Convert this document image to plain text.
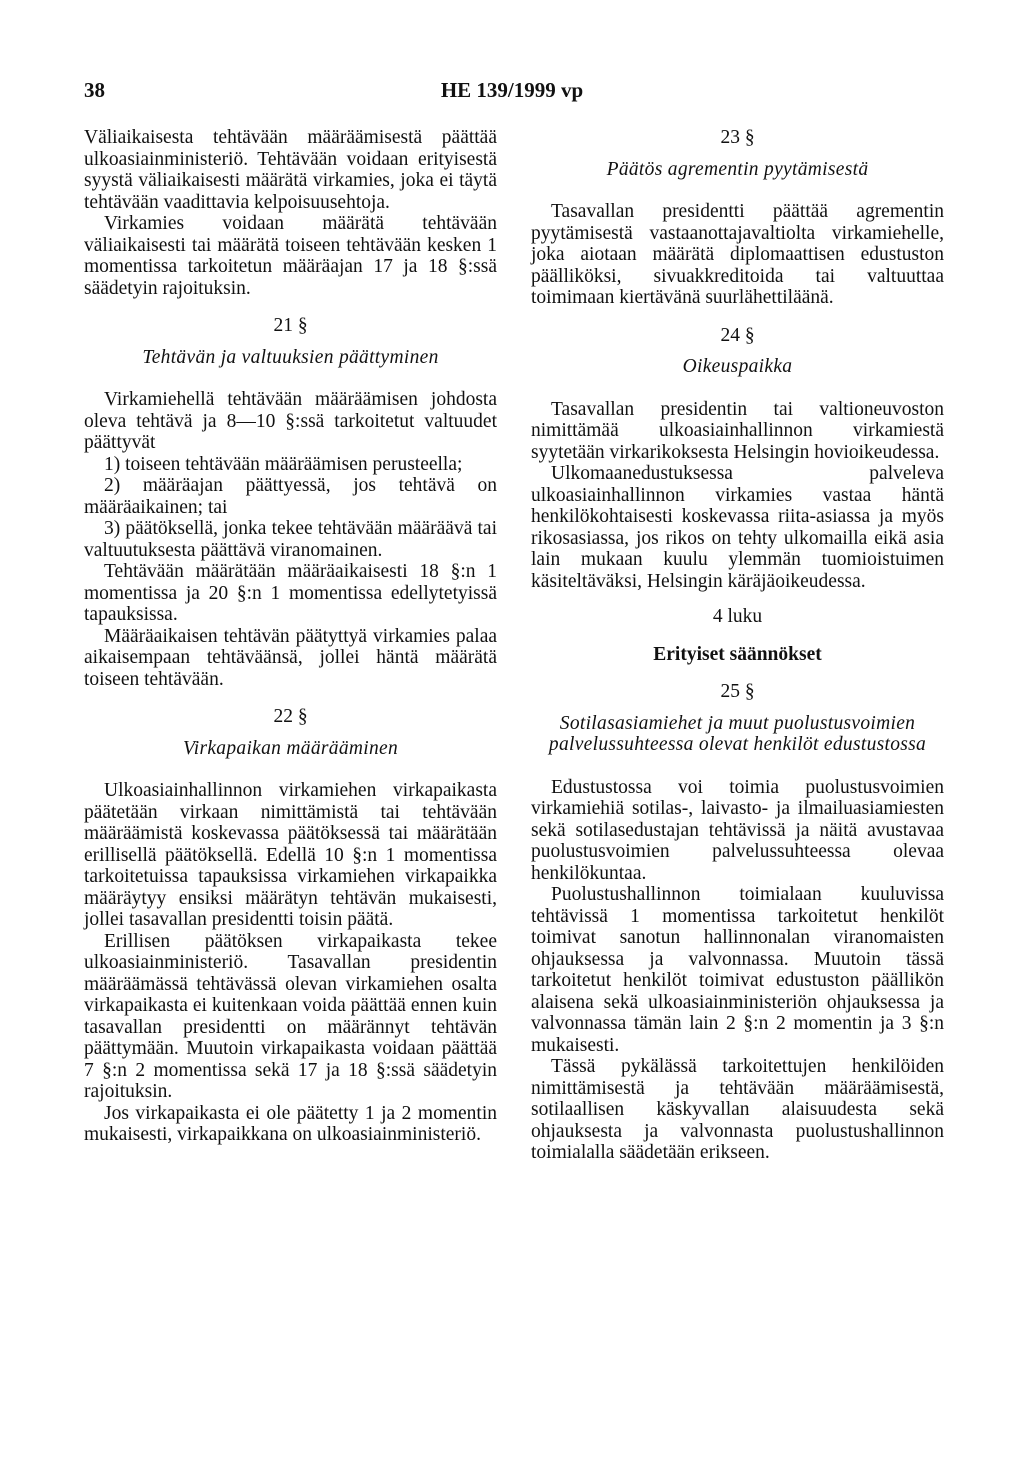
38	HE 139/1999 vp

Väliaikaisesta tehtävään määräämisestä päättää ulkoasiainministeriö. Tehtävään voidaan erityisestä syystä väliaikaisesti määrätä virkamies, joka ei täytä tehtävään vaadittavia kelpoisuusehtoja.

Virkamies voidaan määrätä tehtävään väliaikaisesti tai määrätä toiseen tehtävään kesken 1 momentissa tarkoitetun määräajan 17 ja 18 §:ssä säädetyin rajoituksin.

21 §
Tehtävän ja valtuuksien päättyminen

Virkamiehellä tehtävään määräämisen johdosta oleva tehtävä ja 8—10 §:ssä tarkoitetut valtuudet päättyvät

1) toiseen tehtävään määräämisen perusteella;

2) määräajan päättyessä, jos tehtävä on määräaikainen; tai

3) päätöksellä, jonka tekee tehtävään määräävä tai valtuutuksesta päättävä viranomainen.

Tehtävään määrätään määräaikaisesti 18 §:n 1 momentissa ja 20 §:n 1 momentissa edellytetyissä tapauksissa.

Määräaikaisen tehtävän päätyttyä virkamies palaa aikaisempaan tehtäväänsä, jollei häntä määrätä toiseen tehtävään.

22 §
Virkapaikan määrääminen

Ulkoasiainhallinnon virkamiehen virkapaikasta päätetään virkaan nimittämistä tai tehtävään määräämistä koskevassa päätöksessä tai määrätään erillisellä päätöksellä. Edellä 10 §:n 1 momentissa tarkoitetuissa tapauksissa virkamiehen virkapaikka määräytyy ensiksi määrätyn tehtävän mukaisesti, jollei tasavallan presidentti toisin päätä.

Erillisen päätöksen virkapaikasta tekee ulkoasiainministeriö. Tasavallan presidentin määräämässä tehtävässä olevan virkamiehen osalta virkapaikasta ei kuitenkaan voida päättää ennen kuin tasavallan presidentti on määrännyt tehtävän päättymään. Muutoin virkapaikasta voidaan päättää 7 §:n 2 momentissa sekä 17 ja 18 §:ssä säädetyin rajoituksin.

Jos virkapaikasta ei ole päätetty 1 ja 2 momentin mukaisesti, virkapaikkana on ulkoasiainministeriö.

23 §
Päätös agrementin pyytämisestä

Tasavallan presidentti päättää agrementin pyytämisestä vastaanottajavaltiolta virkamiehelle, joka aiotaan määrätä diplomaattisen edustuston päälliköksi, sivuakkreditoida tai valtuuttaa toimimaan kiertävänä suurlähettiläänä.

24 §
Oikeuspaikka

Tasavallan presidentin tai valtioneuvoston nimittämää ulkoasiainhallinnon virkamiestä syytetään virkarikoksesta Helsingin hovioikeudessa.

Ulkomaanedustuksessa palveleva ulkoasiainhallinnon virkamies vastaa häntä henkilökohtaisesti koskevassa riita-asiassa ja myös rikosasiassa, jos rikos on tehty ulkomailla eikä asia lain mukaan kuulu ylemmän tuomioistuimen käsiteltäväksi, Helsingin käräjäoikeudessa.

4 luku
Erityiset säännökset
25 §
Sotilasasiamiehet ja muut puolustusvoimien palvelussuhteessa olevat henkilöt edustustossa

Edustustossa voi toimia puolustusvoimien virkamiehiä sotilas-, laivasto- ja ilmailuasiamiesten sekä sotilasedustajan tehtävissä ja näitä avustavaa puolustusvoimien palvelussuhteessa olevaa henkilökuntaa.

Puolustushallinnon toimialaan kuuluvissa tehtävissä 1 momentissa tarkoitetut henkilöt toimivat sanotun hallinnonalan viranomaisten ohjauksessa ja valvonnassa. Muutoin tässä tarkoitetut henkilöt toimivat edustuston päällikön alaisena sekä ulkoasiainministeriön ohjauksessa ja valvonnassa tämän lain 2 §:n 2 momentin ja 3 §:n mukaisesti.

Tässä pykälässä tarkoitettujen henkilöiden nimittämisestä ja tehtävään määräämisestä, sotilaallisen käskyvallan alaisuudesta sekä ohjauksesta ja valvonnasta puolustushallinnon toimialalla säädetään erikseen.
